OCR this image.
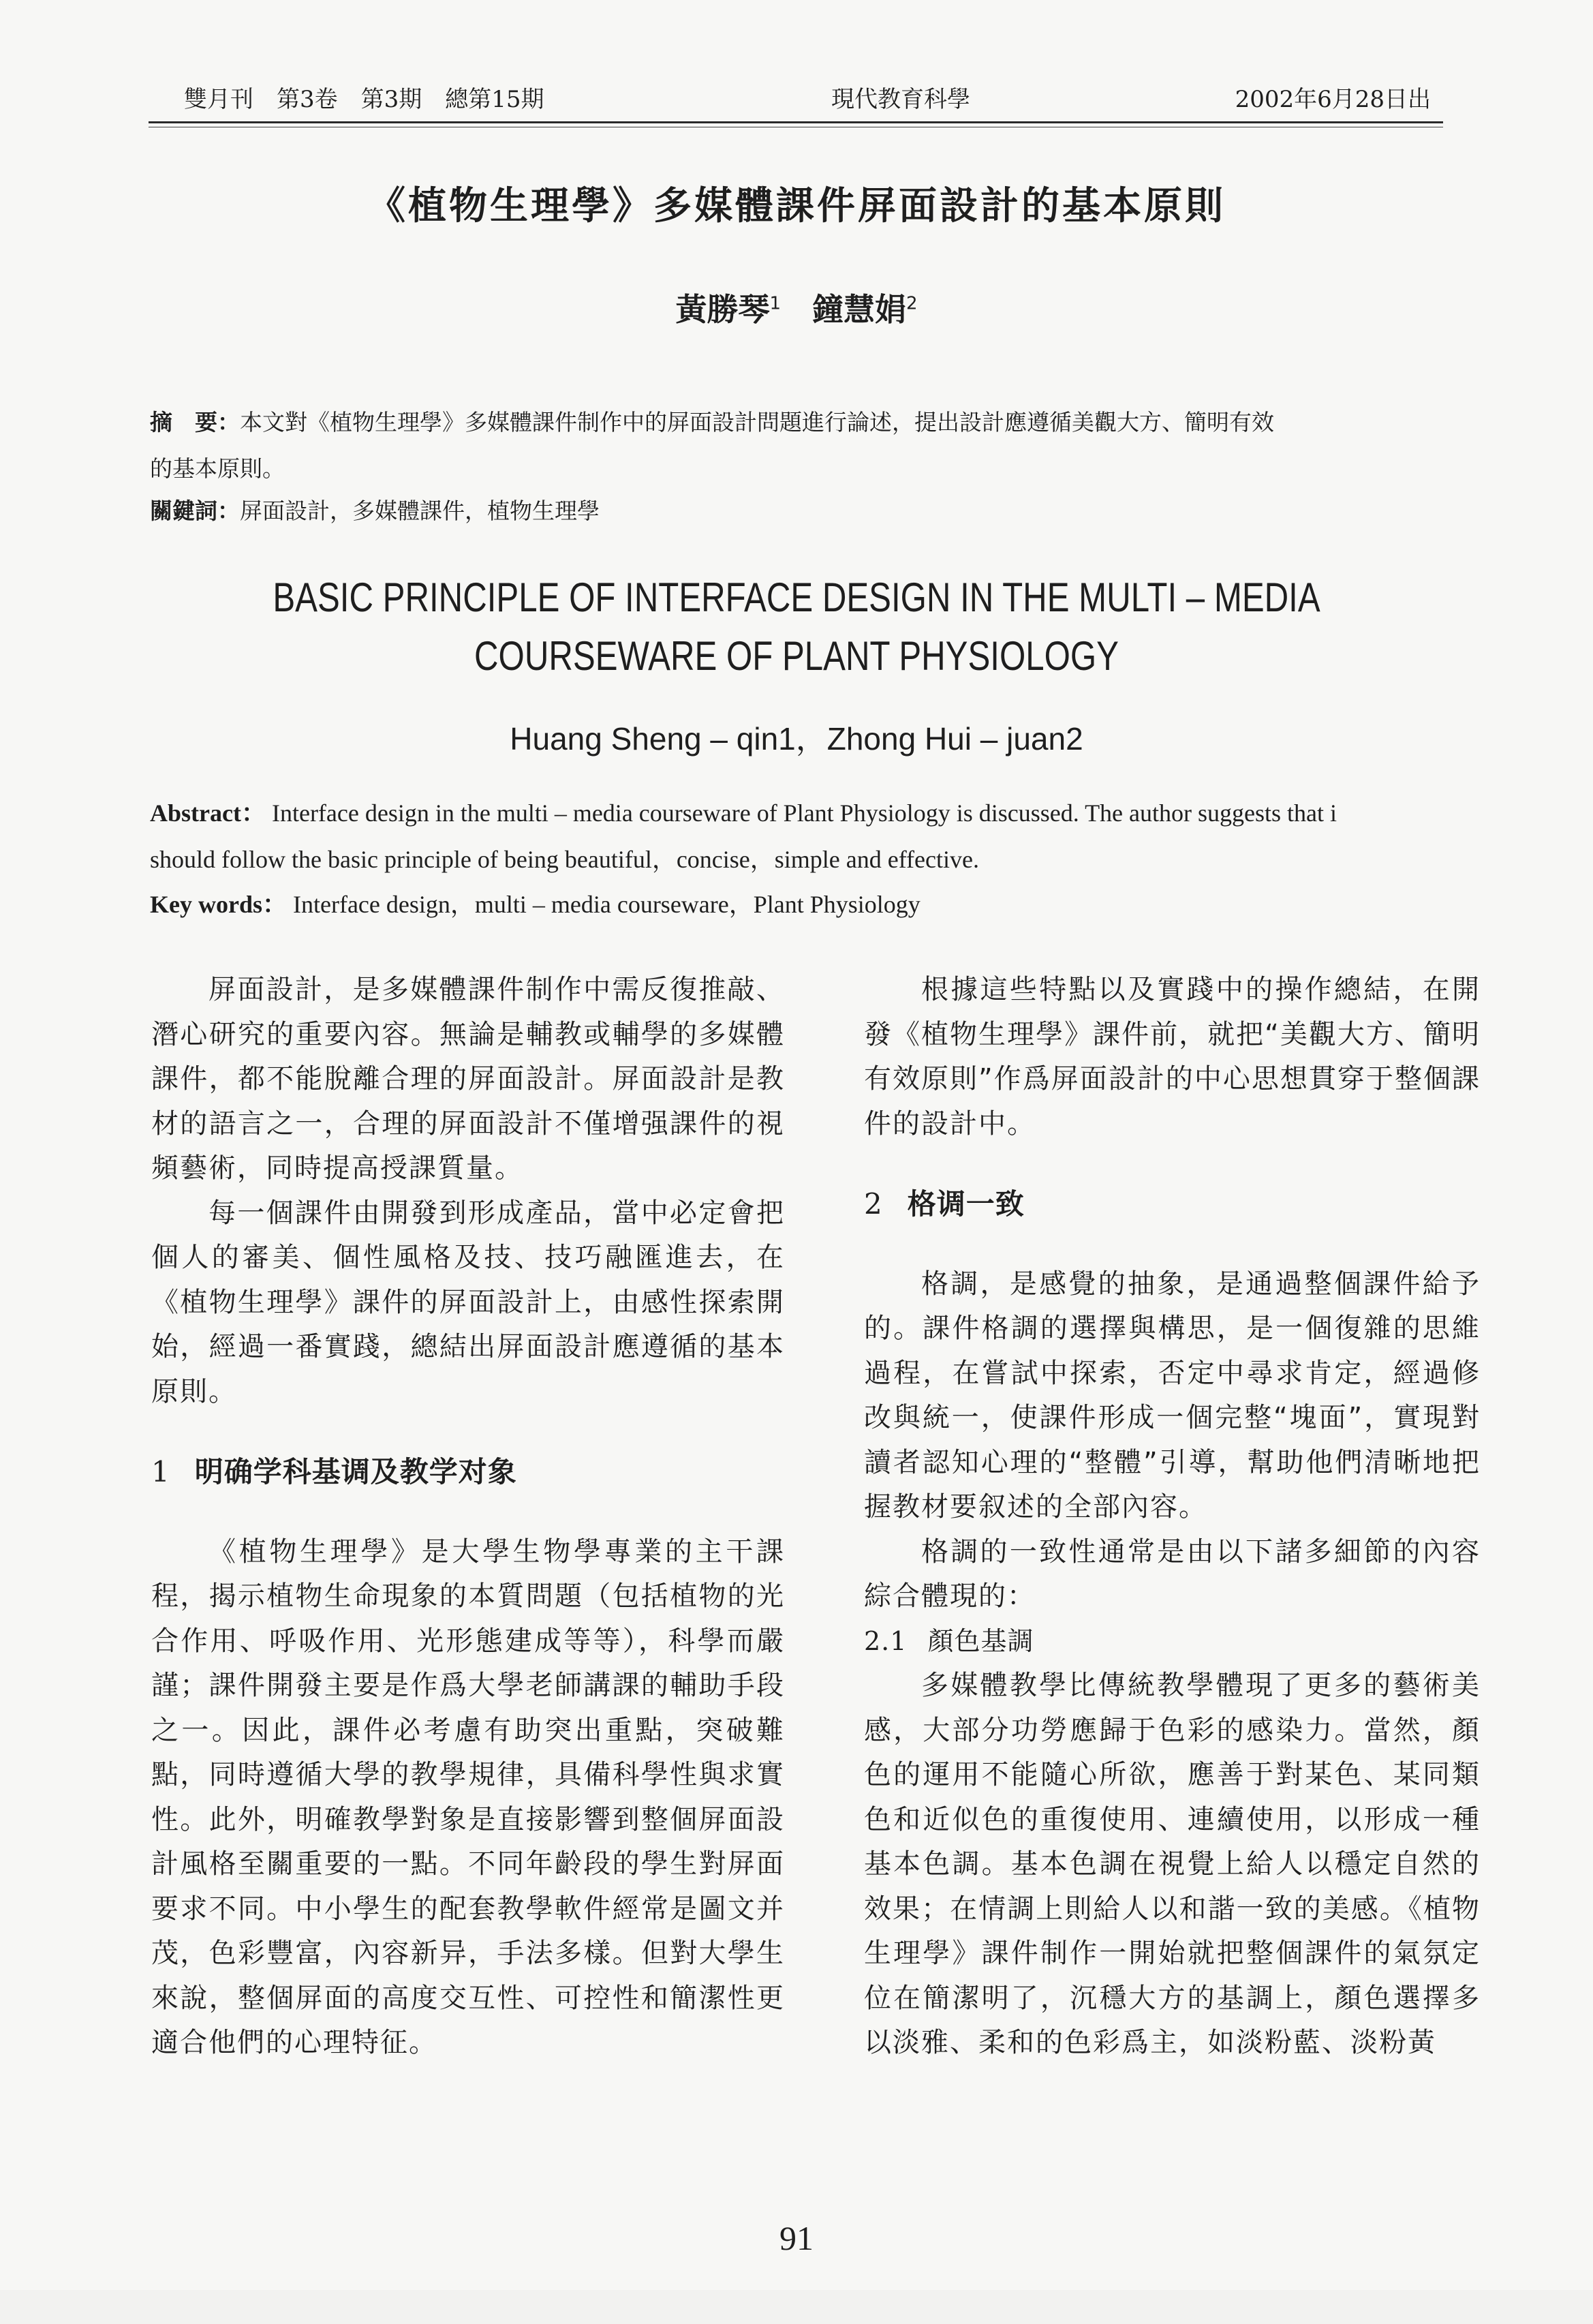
雙月刊　第3卷　第3期　總第15期	現代教育科學	2002年6月28日出
《植物生理學》多媒體課件屏面設計的基本原則
黃勝琴$^1$ 鐘慧娟$^2$
摘　要：本文對《植物生理學》多媒體課件制作中的屏面設計問題進行論述，提出設計應遵循美觀大方、簡明有效
的基本原則。
關鍵詞：屏面設計，多媒體課件，植物生理學
BASIC PRINCIPLE OF INTERFACE DESIGN IN THE MULTI – MEDIA
COURSEWARE OF PLANT PHYSIOLOGY
Huang Sheng – qin1，Zhong Hui – juan2
Abstract： Interface design in the multi – media courseware of Plant Physiology is discussed. The author suggests that i
should follow the basic principle of being beautiful，concise，simple and effective.
Key words： Interface design，multi – media courseware，Plant Physiology

屏面設計，是多媒體課件制作中需反復推敲、潛心研究的重要內容。無論是輔教或輔學的多媒體課件，都不能脫離合理的屏面設計。屏面設計是教材的語言之一，合理的屏面設計不僅增强課件的視頻藝術，同時提高授課質量。

每一個課件由開發到形成產品，當中必定會把個人的審美、個性風格及技、技巧融匯進去，在《植物生理學》課件的屏面設計上，由感性探索開始，經過一番實踐，總結出屏面設計應遵循的基本原則。

1 明确学科基调及教学对象

《植物生理學》是大學生物學專業的主干課程，揭示植物生命現象的本質問題（包括植物的光合作用、呼吸作用、光形態建成等等），科學而嚴謹；課件開發主要是作爲大學老師講課的輔助手段之一。因此，課件必考慮有助突出重點，突破難點，同時遵循大學的教學規律，具備科學性與求實性。此外，明確教學對象是直接影響到整個屏面設計風格至關重要的一點。不同年齡段的學生對屏面要求不同。中小學生的配套教學軟件經常是圖文并茂，色彩豐富，內容新异，手法多樣。但對大學生來說，整個屏面的高度交互性、可控性和簡潔性更適合他們的心理特征。

根據這些特點以及實踐中的操作總結，在開發《植物生理學》課件前，就把“美觀大方、簡明有效原則”作爲屏面設計的中心思想貫穿于整個課件的設計中。

2 格调一致

格調，是感覺的抽象，是通過整個課件給予的。課件格調的選擇與構思，是一個復雜的思維過程，在嘗試中探索，否定中尋求肯定，經過修改與統一，使課件形成一個完整“塊面”，實現對讀者認知心理的“整體”引導，幫助他們清晰地把握教材要叙述的全部內容。

格調的一致性通常是由以下諸多細節的內容綜合體現的：

2.1 顏色基調

多媒體教學比傳統教學體現了更多的藝術美感，大部分功勞應歸于色彩的感染力。當然，顏色的運用不能隨心所欲，應善于對某色、某同類色和近似色的重復使用、連續使用，以形成一種基本色調。基本色調在視覺上給人以穩定自然的效果；在情調上則給人以和諧一致的美感。《植物生理學》課件制作一開始就把整個課件的氣氛定位在簡潔明了，沉穩大方的基調上，顏色選擇多以淡雅、柔和的色彩爲主，如淡粉藍、淡粉黃

91
